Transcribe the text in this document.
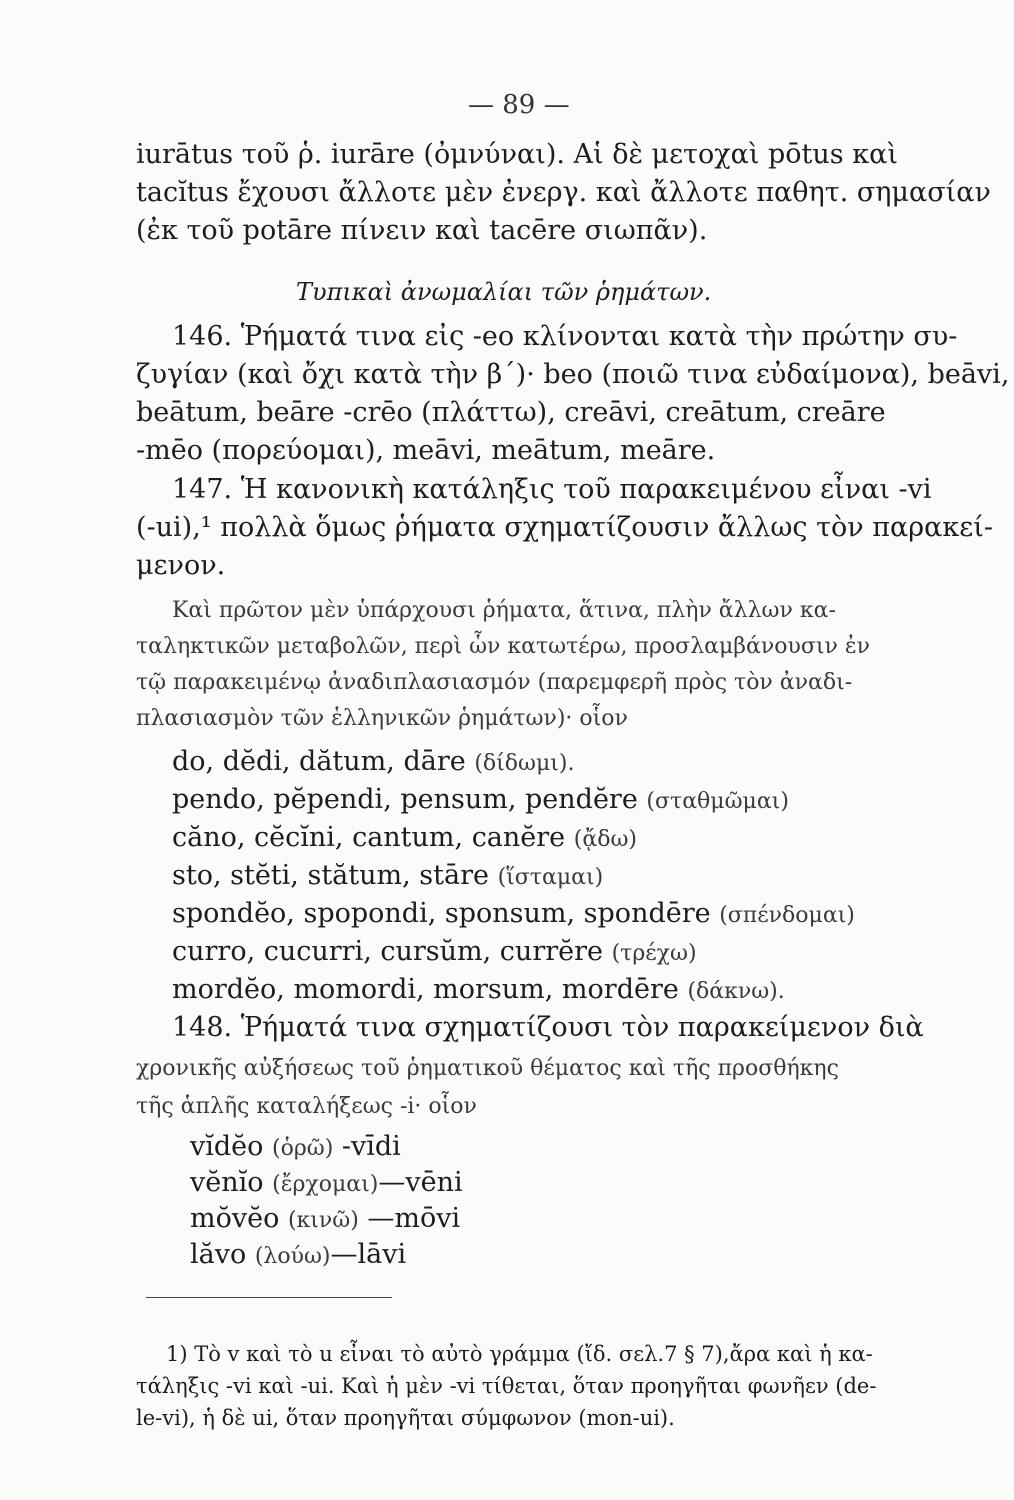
— 89 —

iurātus τοῦ ῥ. iurāre (ὀμνύναι). Αἱ δὲ μετοχαὶ pōtus καὶ

tacĭtus ἔχουσι ἄλλοτε μὲν ἐνεργ. καὶ ἄλλοτε παθητ. σημασίαν

(ἐκ τοῦ potāre πίνειν καὶ tacēre σιωπᾶν).

Τυπικαὶ ἀνωμαλίαι τῶν ῥημάτων.

146. Ῥήματά τινα εἰς -eo κλίνονται κατὰ τὴν πρώτην συ-

ζυγίαν (καὶ ὄχι κατὰ τὴν β´)· beo (ποιῶ τινα εὐδαίμονα), beāvi,

beātum, beāre -crēo (πλάττω), creāvi, creātum, creāre

-mēo (πορεύομαι), meāvi, meātum, meāre.

147. Ἡ κανονικὴ κατάληξις τοῦ παρακειμένου εἶναι -vi

(-ui),¹ πολλὰ ὅμως ῥήματα σχηματίζουσιν ἄλλως τὸν παρακεί-

μενον.

Καὶ πρῶτον μὲν ὑπάρχουσι ῥήματα, ἅτινα, πλὴν ἄλλων κα-

ταληκτικῶν μεταβολῶν, περὶ ὧν κατωτέρω, προσλαμβάνουσιν ἐν

τῷ παρακειμένῳ ἀναδιπλασιασμόν (παρεμφερῆ πρὸς τὸν ἀναδι-

πλασιασμὸν τῶν ἑλληνικῶν ῥημάτων)· οἷον

do, dĕdi, dătum, dāre (δίδωμι).

pendo, pĕpendi, pensum, pendĕre (σταθμῶμαι)

căno, cĕcĭni, cantum, canĕre (ᾄδω)

sto, stĕti, stătum, stāre (ἵσταμαι)

spondĕo, spopondi, sponsum, spondēre (σπένδομαι)

curro, cucurri, cursŭm, currĕre (τρέχω)

mordĕo, momordi, morsum, mordēre (δάκνω).

148. Ῥήματά τινα σχηματίζουσι τὸν παρακείμενον διὰ

χρονικῆς αὐξήσεως τοῦ ῥηματικοῦ θέματος καὶ τῆς προσθήκης

τῆς ἁπλῆς καταλήξεως -i· οἷον

vĭdĕo (ὁρῶ) -vīdi

vĕnĭo (ἔρχομαι)—vēni

mŏvĕo (κινῶ) —mōvi

lăvo (λούω)—lāvi

1) Τὸ v καὶ τὸ u εἶναι τὸ αὐτὸ γράμμα (ἴδ. σελ.7 § 7),ἄρα καὶ ἡ κα-

τάληξις -vi καὶ -ui. Καὶ ἡ μὲν -vi τίθεται, ὅταν προηγῆται φωνῆεν (de-

le-vi), ἡ δὲ ui, ὅταν προηγῆται σύμφωνον (mon-ui).
